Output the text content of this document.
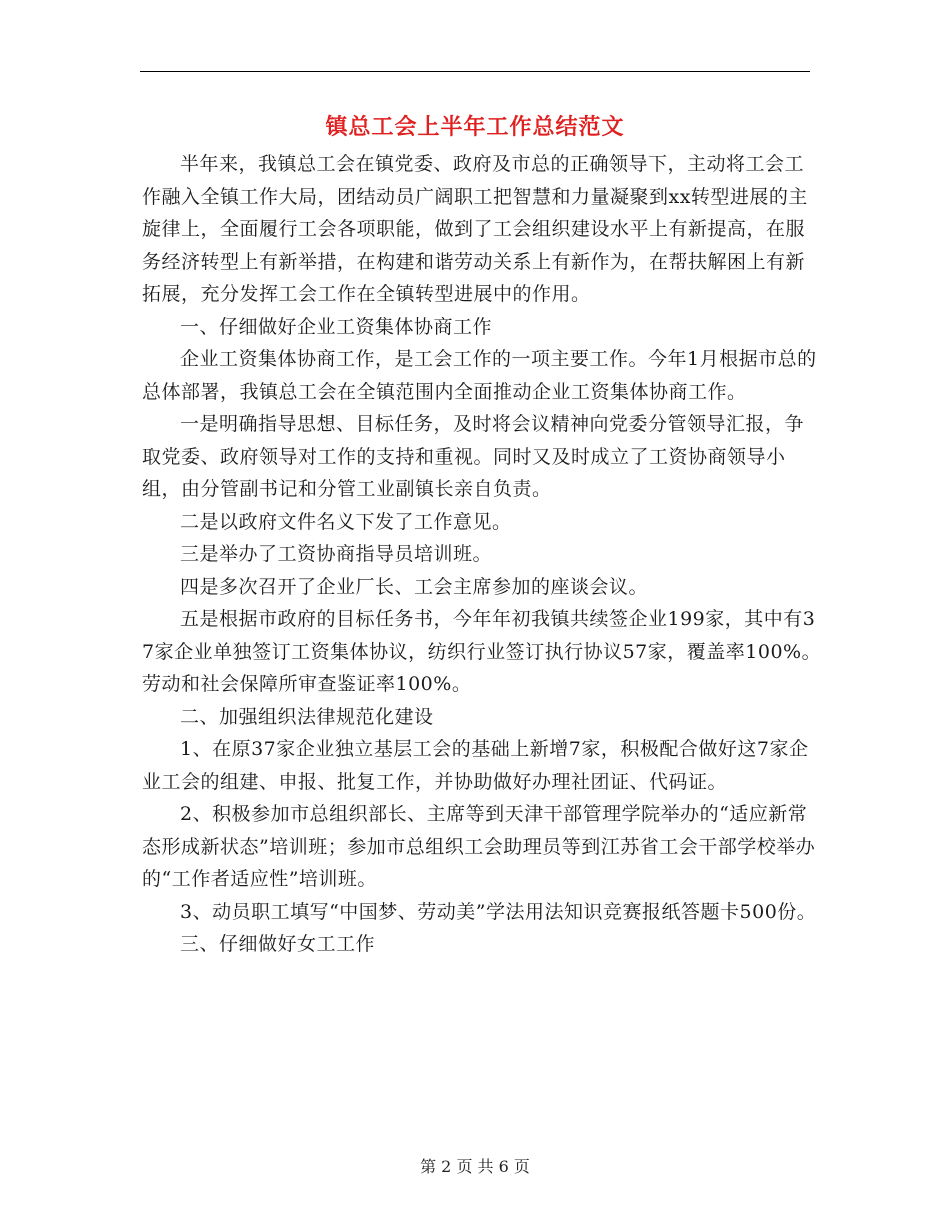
镇总工会上半年工作总结范文

半年来，我镇总工会在镇党委、政府及市总的正确领导下，主动将工会工作融入全镇工作大局，团结动员广阔职工把智慧和力量凝聚到xx转型进展的主旋律上，全面履行工会各项职能，做到了工会组织建设水平上有新提高，在服务经济转型上有新举措，在构建和谐劳动关系上有新作为，在帮扶解困上有新拓展，充分发挥工会工作在全镇转型进展中的作用。

一、仔细做好企业工资集体协商工作

企业工资集体协商工作，是工会工作的一项主要工作。今年1月根据市总的总体部署，我镇总工会在全镇范围内全面推动企业工资集体协商工作。

一是明确指导思想、目标任务，及时将会议精神向党委分管领导汇报，争取党委、政府领导对工作的支持和重视。同时又及时成立了工资协商领导小组，由分管副书记和分管工业副镇长亲自负责。

二是以政府文件名义下发了工作意见。

三是举办了工资协商指导员培训班。

四是多次召开了企业厂长、工会主席参加的座谈会议。

五是根据市政府的目标任务书，今年年初我镇共续签企业199家，其中有37家企业单独签订工资集体协议，纺织行业签订执行协议57家，覆盖率100%。劳动和社会保障所审查鉴证率100%。

二、加强组织法律规范化建设

1、在原37家企业独立基层工会的基础上新增7家，积极配合做好这7家企业工会的组建、申报、批复工作，并协助做好办理社团证、代码证。

2、积极参加市总组织部长、主席等到天津干部管理学院举办的“适应新常态形成新状态”培训班；参加市总组织工会助理员等到江苏省工会干部学校举办的“工作者适应性”培训班。

3、动员职工填写“中国梦、劳动美”学法用法知识竞赛报纸答题卡500份。

三、仔细做好女工工作

第 2 页 共 6 页
